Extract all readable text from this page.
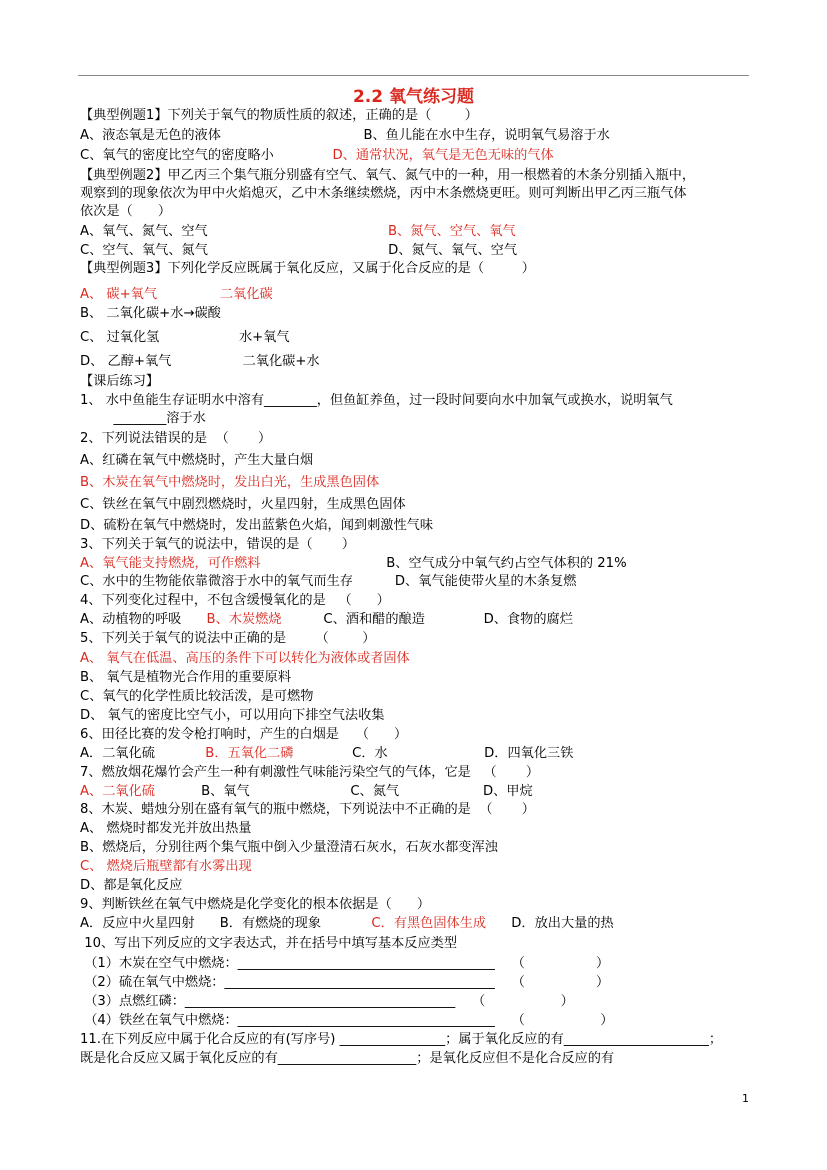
2.2 氧气练习题
【典型例题1】下列关于氧气的物质性质的叙述，正确的是（        ）
A、液态氧是无色的液体	B、鱼儿能在水中生存，说明氧气易溶于水
C、氧气的密度比空气的密度略小	D、通常状况，氧气是无色无味的气体
【典型例题2】甲乙丙三个集气瓶分别盛有空气、氧气、氮气中的一种，用一根燃着的木条分别插入瓶中，
观察到的现象依次为甲中火焰熄灭，乙中木条继续燃烧，丙中木条燃烧更旺。则可判断出甲乙丙三瓶气体
依次是（      ）
A、氧气、氮气、空气	B、氮气、空气、氧气
C、空气、氧气、氮气	D、氮气、氧气、空气
【典型例题3】下列化学反应既属于氧化反应，又属于化合反应的是（         ）
A、 碳+氧气	二氧化碳
B、 二氧化碳+水→碳酸
C、 过氧化氢	水+氧气
D、 乙醇+氧气	二氧化碳+水
【课后练习】
1、 水中鱼能生存证明水中溶有________，但鱼缸养鱼，过一段时间要向水中加氧气或换水，说明氧气
________溶于水
2、下列说法错误的是  （       ）
A、红磷在氧气中燃烧时，产生大量白烟
B、木炭在氧气中燃烧时，发出白光，生成黑色固体
C、铁丝在氧气中剧烈燃烧时，火星四射，生成黑色固体
D、硫粉在氧气中燃烧时，发出蓝紫色火焰，闻到刺激性气味
3、下列关于氧气的说法中，错误的是（       ）
A、氧气能支持燃烧，可作燃料	B、空气成分中氧气约占空气体积的 21%
C、水中的生物能依靠微溶于水中的氧气而生存	D、氧气能使带火星的木条复燃
4、下列变化过程中，不包含缓慢氧化的是   （      ）
A、动植物的呼吸 B、木炭燃烧	C、酒和醋的酿造	D、食物的腐烂
5、下列关于氧气的说法中正确的是       （        ）
A、 氧气在低温、高压的条件下可以转化为液体或者固体
B、 氧气是植物光合作用的重要原料
C、氧气的化学性质比较活泼，是可燃物
D、 氧气的密度比空气小，可以用向下排空气法收集
6、田径比赛的发令枪打响时，产生的白烟是    （      ）
A．二氧化硫	B．五氧化二磷	C．水	D．四氧化三铁
7、燃放烟花爆竹会产生一种有刺激性气味能污染空气的气体，它是   （       ）
A、二氧化硫	B、氧气	C、氮气	D、甲烷
8、木炭、蜡烛分别在盛有氧气的瓶中燃烧，下列说法中不正确的是  （       ）
A、 燃烧时都发光并放出热量
B、燃烧后，分别往两个集气瓶中倒入少量澄清石灰水，石灰水都变浑浊
C、 燃烧后瓶壁都有水雾出现
D、都是氧化反应
9、判断铁丝在氧气中燃烧是化学变化的根本依据是（      ）
A．反应中火星四射 B．有燃烧的现象	C．有黑色固体生成 D．放出大量的热
10、写出下列反应的文字表达式，并在括号中填写基本反应类型
（1）木炭在空气中燃烧：_______________________________________    （                 ）
（2）硫在氧气中燃烧：_________________________________________    （                 ）
（3）点燃红磷：_________________________________________    （                  ）
（4）铁丝在氧气中燃烧：_______________________________________    （                  ）
11.在下列反应中属于化合反应的有(写序号) ________________；属于氧化反应的有______________________；
既是化合反应又属于氧化反应的有_____________________；是氧化反应但不是化合反应的有
1
